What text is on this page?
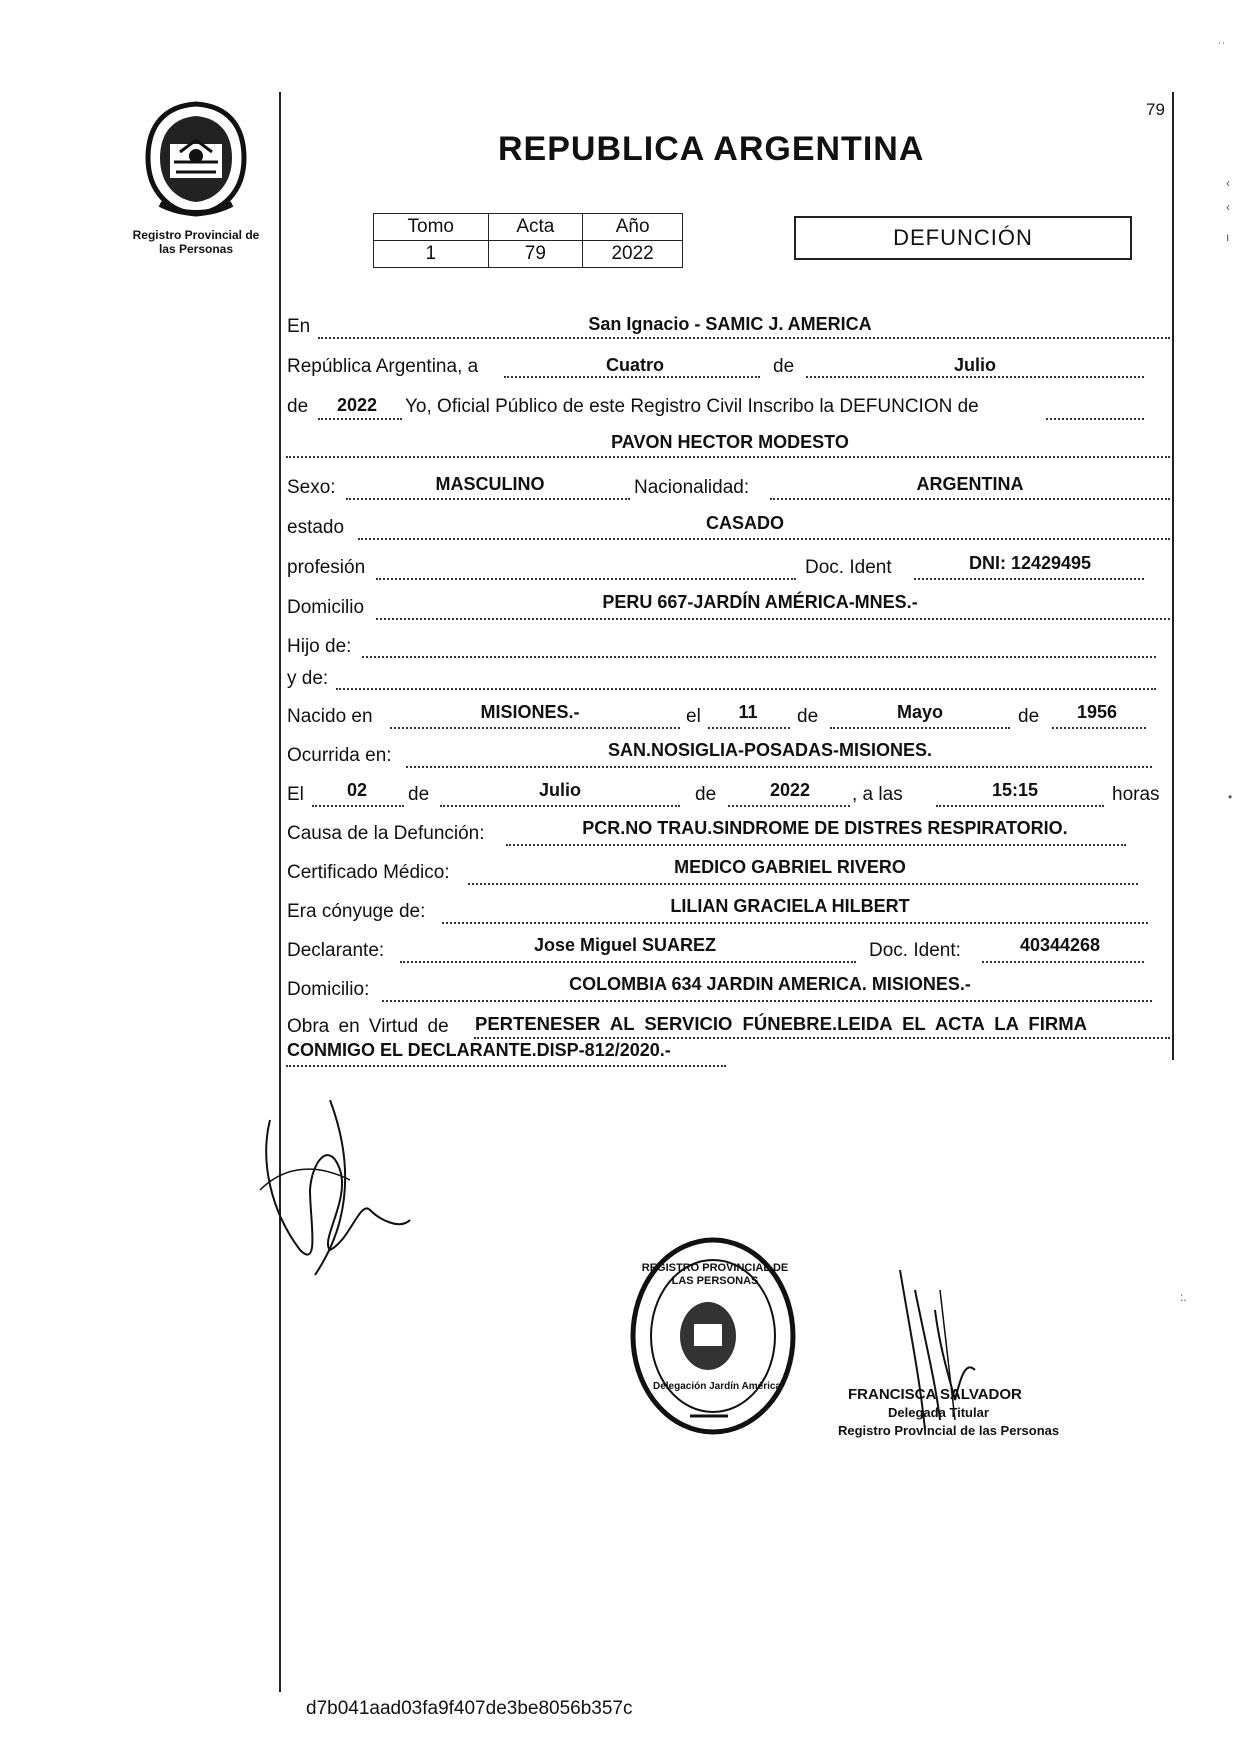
79
Registro Provincial de
las Personas
REPUBLICA ARGENTINA
Tomo	Acta	Año
1	79	2022
DEFUNCIÓN
En	San Ignacio - SAMIC J. AMERICA
República Argentina, a	Cuatro	de	Julio
de	2022	Yo, Oficial Público de este Registro Civil Inscribo la DEFUNCION de
PAVON HECTOR MODESTO
Sexo:	MASCULINO	Nacionalidad:	ARGENTINA
estado	CASADO
profesión	Doc. Ident	DNI: 12429495
Domicilio	PERU 667-JARDÍN AMÉRICA-MNES.-
Hijo de:
y de:
Nacido en	MISIONES.-	el	11	de	Mayo	de	1956
Ocurrida en:	SAN.NOSIGLIA-POSADAS-MISIONES.
El	02	de	Julio	de	2022	, a las	15:15	horas
Causa de la Defunción:	PCR.NO TRAU.SINDROME DE DISTRES RESPIRATORIO.
Certificado Médico:	MEDICO GABRIEL RIVERO
Era cónyuge de:	LILIAN GRACIELA HILBERT
Declarante:	Jose Miguel SUAREZ	Doc. Ident:	40344268
Domicilio:	COLOMBIA 634 JARDIN AMERICA. MISIONES.-
Obra en Virtud de PERTENESER AL SERVICIO FÚNEBRE.LEIDA EL ACTA LA FIRMA
CONMIGO EL DECLARANTE.DISP-812/2020.-
REGISTRO PROVINCIAL DE LAS PERSONAS
Delegación Jardín América	FRANCISCA SALVADOR
Delegada Titular
Registro Provincial de las Personas
˙˙
‹
‹
ı
•
:.
d7b041aad03fa9f407de3be8056b357c
